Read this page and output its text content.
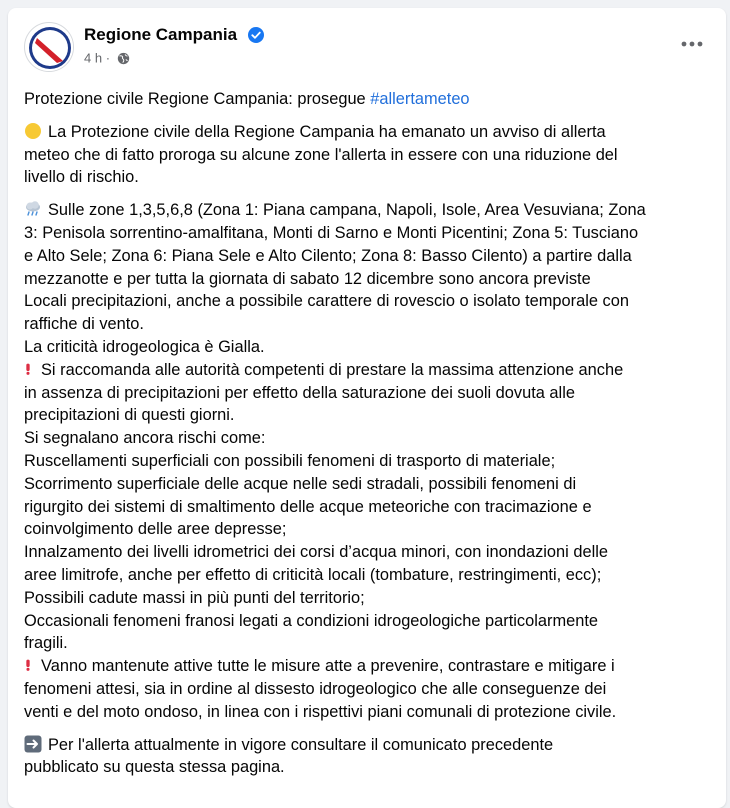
Regione Campania
4 h ·

Protezione civile Regione Campania: prosegue #allertameteo

La Protezione civile della Regione Campania ha emanato un avviso di allerta
meteo che di fatto proroga su alcune zone l'allerta in essere con una riduzione del
livello di rischio.

Sulle zone 1,3,5,6,8 (Zona 1: Piana campana, Napoli, Isole, Area Vesuviana; Zona
3: Penisola sorrentino-amalfitana, Monti di Sarno e Monti Picentini; Zona 5: Tusciano
e Alto Sele; Zona 6: Piana Sele e Alto Cilento; Zona 8: Basso Cilento) a partire dalla
mezzanotte e per tutta la giornata di sabato 12 dicembre sono ancora previste
Locali precipitazioni, anche a possibile carattere di rovescio o isolato temporale con
raffiche di vento.
La criticità idrogeologica è Gialla.
Si raccomanda alle autorità competenti di prestare la massima attenzione anche
in assenza di precipitazioni per effetto della saturazione dei suoli dovuta alle
precipitazioni di questi giorni.
Si segnalano ancora rischi come:
Ruscellamenti superficiali con possibili fenomeni di trasporto di materiale;
Scorrimento superficiale delle acque nelle sedi stradali, possibili fenomeni di
rigurgito dei sistemi di smaltimento delle acque meteoriche con tracimazione e
coinvolgimento delle aree depresse;
Innalzamento dei livelli idrometrici dei corsi d’acqua minori, con inondazioni delle
aree limitrofe, anche per effetto di criticità locali (tombature, restringimenti, ecc);
Possibili cadute massi in più punti del territorio;
Occasionali fenomeni franosi legati a condizioni idrogeologiche particolarmente
fragili.
Vanno mantenute attive tutte le misure atte a prevenire, contrastare e mitigare i
fenomeni attesi, sia in ordine al dissesto idrogeologico che alle conseguenze dei
venti e del moto ondoso, in linea con i rispettivi piani comunali di protezione civile.

Per l'allerta attualmente in vigore consultare il comunicato precedente
pubblicato su questa stessa pagina.
